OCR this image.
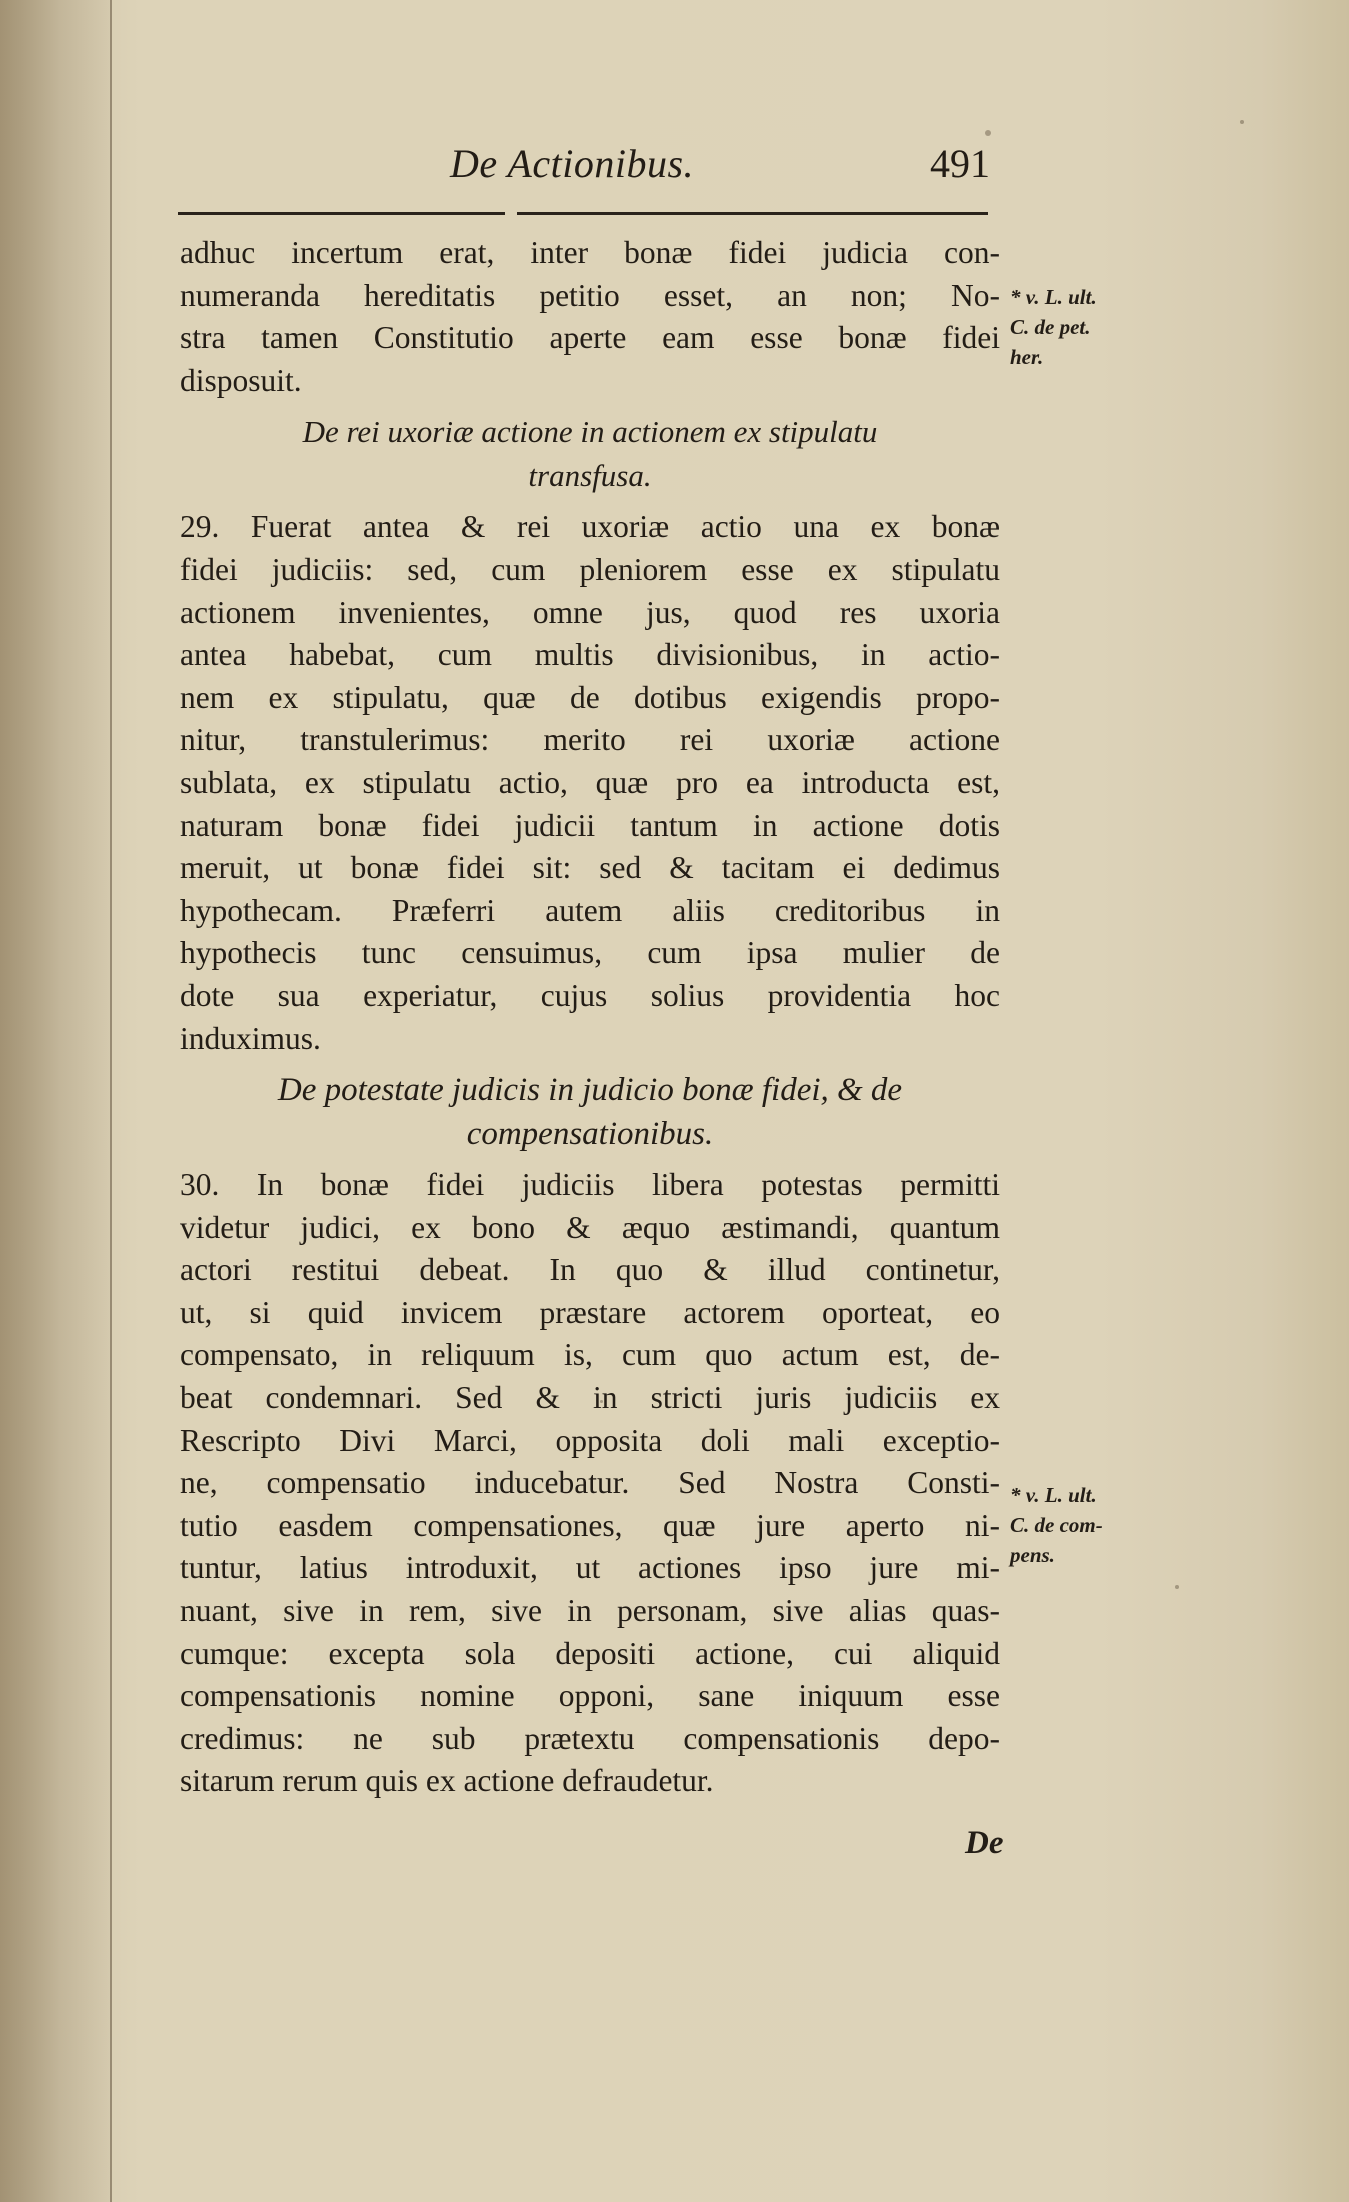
De Actionibus.	491
adhuc incertum erat, inter bonæ fidei judicia con-
numeranda hereditatis petitio esset, an non; No-
stra tamen Constitutio aperte eam esse bonæ fidei
disposuit.
De rei uxoriæ actione in actionem ex stipulatu
transfusa.
29. Fuerat antea & rei uxoriæ actio una ex bonæ
fidei judiciis: sed, cum pleniorem esse ex stipulatu
actionem invenientes, omne jus, quod res uxoria
antea habebat, cum multis divisionibus, in actio-
nem ex stipulatu, quæ de dotibus exigendis propo-
nitur, transtulerimus: merito rei uxoriæ actione
sublata, ex stipulatu actio, quæ pro ea introducta est,
naturam bonæ fidei judicii tantum in actione dotis
meruit, ut bonæ fidei sit: sed & tacitam ei dedimus
hypothecam. Præferri autem aliis creditoribus in
hypothecis tunc censuimus, cum ipsa mulier de
dote sua experiatur, cujus solius providentia hoc
induximus.
De potestate judicis in judicio bonæ fidei, & de
compensationibus.
30. In bonæ fidei judiciis libera potestas permitti
videtur judici, ex bono & æquo æstimandi, quantum
actori restitui debeat. In quo & illud continetur,
ut, si quid invicem præstare actorem oporteat, eo
compensato, in reliquum is, cum quo actum est, de-
beat condemnari. Sed & in stricti juris judiciis ex
Rescripto Divi Marci, opposita doli mali exceptio-
ne, compensatio inducebatur. Sed Nostra Consti-
tutio easdem compensationes, quæ jure aperto ni-
tuntur, latius introduxit, ut actiones ipso jure mi-
nuant, sive in rem, sive in personam, sive alias quas-
cumque: excepta sola depositi actione, cui aliquid
compensationis nomine opponi, sane iniquum esse
credimus: ne sub prætextu compensationis depo-
sitarum rerum quis ex actione defraudetur.
* v. L. ult.
C. de pet.
her.
* v. L. ult.
C. de com-
pens.
De
